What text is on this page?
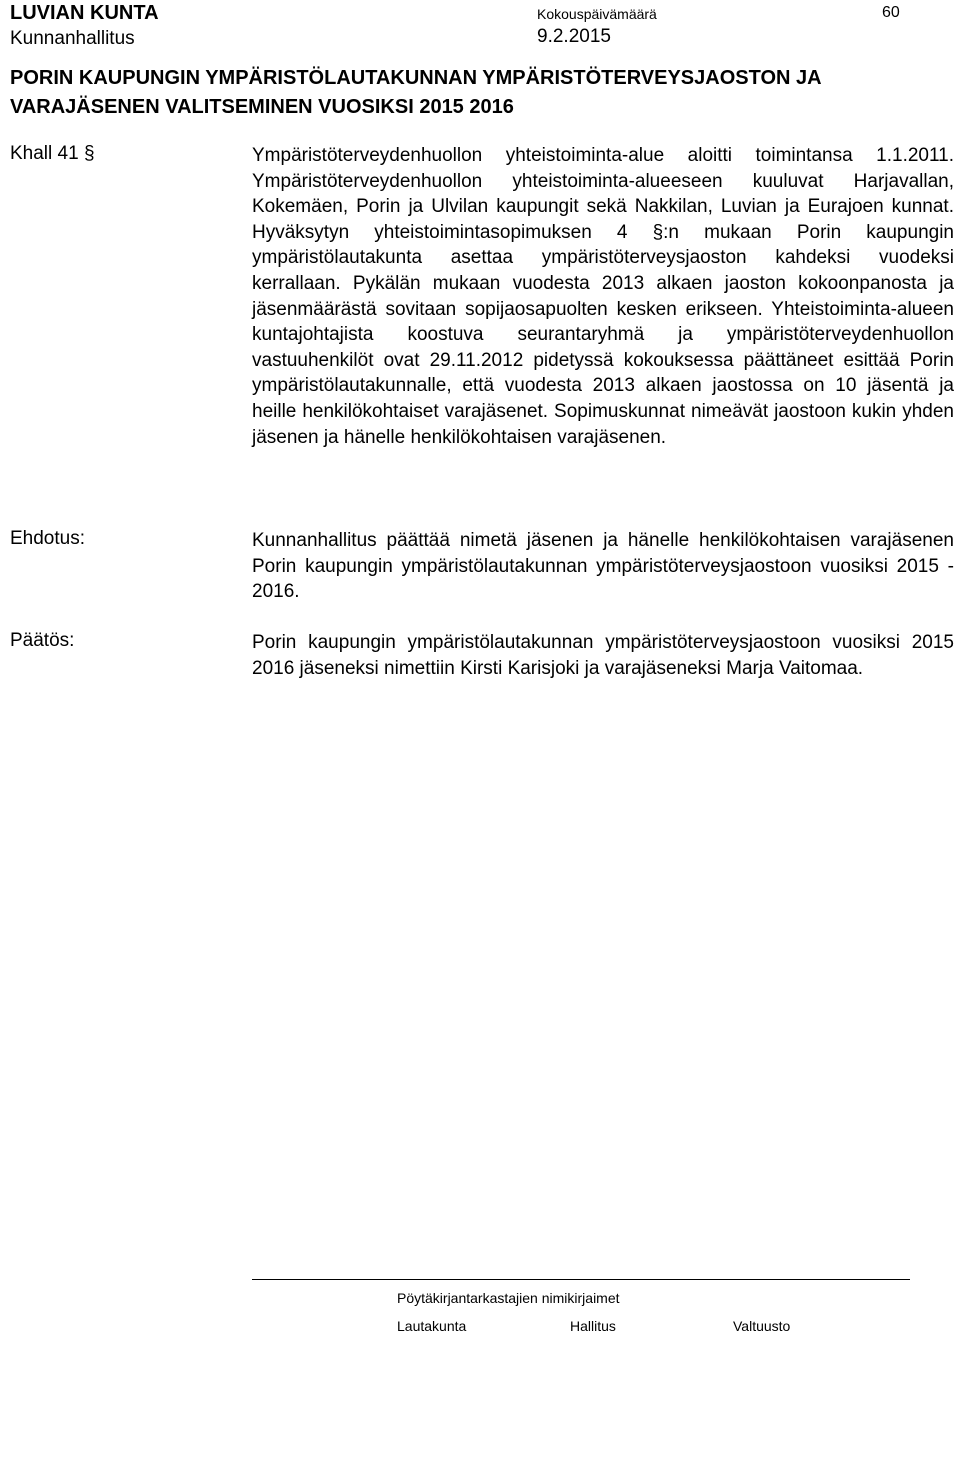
LUVIAN KUNTA
Kunnanhallitus
Kokouspäivämäärä	60
9.2.2015
PORIN KAUPUNGIN YMPÄRISTÖLAUTAKUNNAN YMPÄRISTÖTERVEYSJAOSTON JA
VARAJÄSENEN VALITSEMINEN VUOSIKSI 2015 2016
Khall 41 §	Ympäristöterveydenhuollon yhteistoiminta-alue aloitti toimintansa 1.1.2011. Ympäristöterveydenhuollon yhteistoiminta-alueeseen kuuluvat Harjavallan, Kokemäen, Porin ja Ulvilan kaupungit sekä Nakkilan, Luvian ja Eurajoen kunnat. Hyväksytyn yhteistoimintasopimuksen 4 §:n mukaan Porin kaupungin ympäristölautakunta asettaa ympäristöterveysjaoston kahdeksi vuodeksi kerrallaan. Pykälän mukaan vuodesta 2013 alkaen jaoston kokoonpanosta ja jäsenmäärästä sovitaan sopijaosapuolten kesken erikseen. Yhteistoiminta-alueen kuntajohtajista koostuva seurantaryhmä ja ympäristöterveydenhuollon vastuuhenkilöt ovat 29.11.2012 pidetyssä kokouksessa päättäneet esittää Porin ympäristölautakunnalle, että vuodesta 2013 alkaen jaostossa on 10 jäsentä ja heille henkilökohtaiset varajäsenet. Sopimuskunnat nimeävät jaostoon kukin yhden jäsenen ja hänelle henkilökohtaisen varajäsenen.

Ehdotus:	Kunnanhallitus päättää nimetä jäsenen ja hänelle henkilökohtaisen varajäsenen Porin kaupungin ympäristölautakunnan ympäristöterveysjaostoon vuosiksi 2015 - 2016.

Päätös:	Porin kaupungin ympäristölautakunnan ympäristöterveysjaostoon vuosiksi 2015 2016 jäseneksi nimettiin Kirsti Karisjoki ja varajäseneksi Marja Vaitomaa.

Pöytäkirjantarkastajien nimikirjaimet
Lautakunta	Hallitus	Valtuusto
